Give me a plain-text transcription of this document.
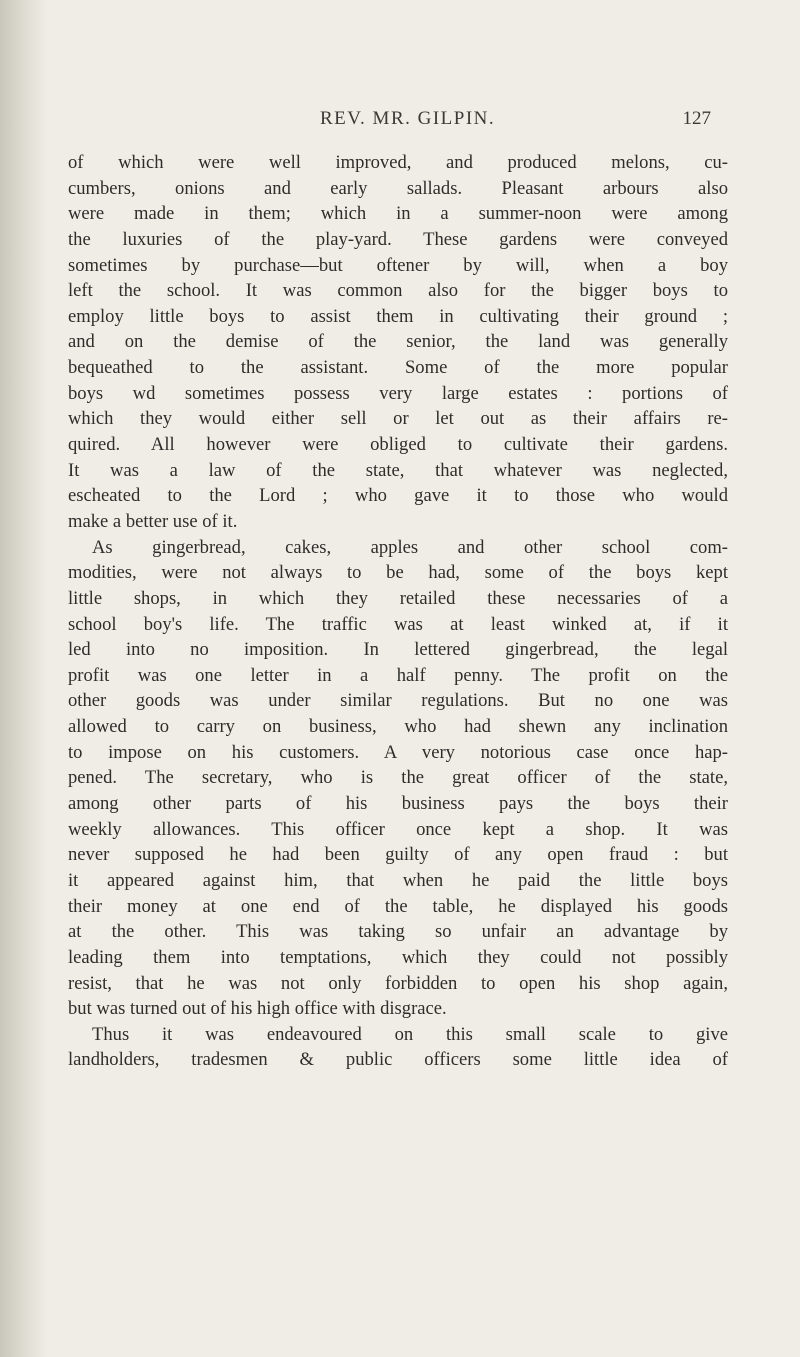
REV. MR. GILPIN.	127
of which were well improved, and produced melons, cu-
cumbers, onions and early sallads. Pleasant arbours also
were made in them; which in a summer-noon were among
the luxuries of the play-yard. These gardens were conveyed
sometimes by purchase—but oftener by will, when a boy
left the school. It was common also for the bigger boys to
employ little boys to assist them in cultivating their ground ;
and on the demise of the senior, the land was generally
bequeathed to the assistant. Some of the more popular
boys wd sometimes possess very large estates : portions of
which they would either sell or let out as their affairs re-
quired. All however were obliged to cultivate their gardens.
It was a law of the state, that whatever was neglected,
escheated to the Lord ; who gave it to those who would
make a better use of it.
As gingerbread, cakes, apples and other school com-
modities, were not always to be had, some of the boys kept
little shops, in which they retailed these necessaries of a
school boy's life. The traffic was at least winked at, if it
led into no imposition. In lettered gingerbread, the legal
profit was one letter in a half penny. The profit on the
other goods was under similar regulations. But no one was
allowed to carry on business, who had shewn any inclination
to impose on his customers. A very notorious case once hap-
pened. The secretary, who is the great officer of the state,
among other parts of his business pays the boys their
weekly allowances. This officer once kept a shop. It was
never supposed he had been guilty of any open fraud : but
it appeared against him, that when he paid the little boys
their money at one end of the table, he displayed his goods
at the other. This was taking so unfair an advantage by
leading them into temptations, which they could not possibly
resist, that he was not only forbidden to open his shop again,
but was turned out of his high office with disgrace.
Thus it was endeavoured on this small scale to give
landholders, tradesmen & public officers some little idea of
